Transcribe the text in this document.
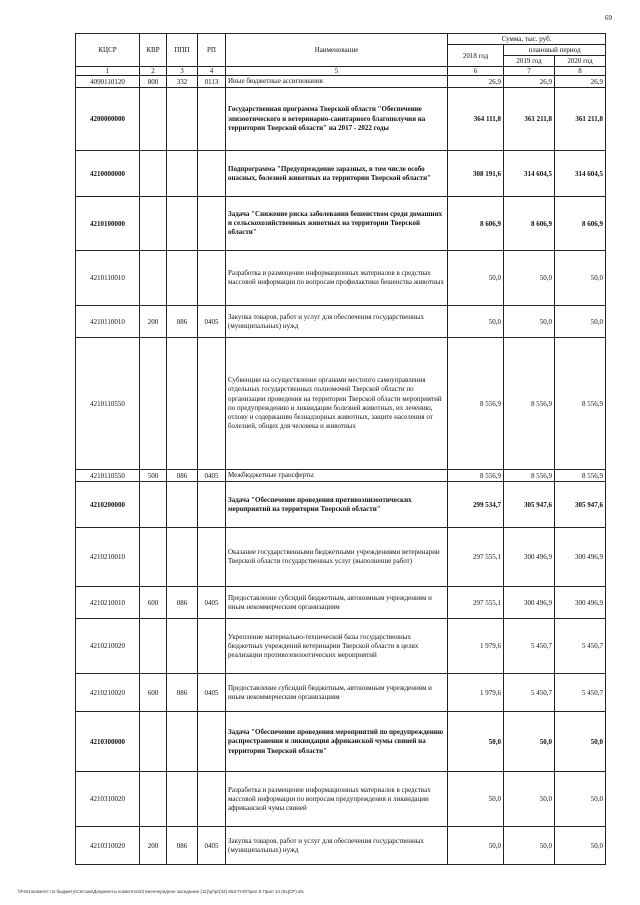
69
КЦСР	КВР	ППП	РП	Наименование	Сумма, тыс. руб.		
					2018 год	плановый период	
						2019 год	2020 год
1	2	3	4	5	6	7	8
4090110120	800	332	0113	Иные бюджетные ассигнования	26,9	26,9	26,9
4200000000				Государственная программа Тверской области "Обеспечение эпизоотического и ветеринарно-санитарного благополучия на территории Тверской области" на 2017 - 2022 годы	364 111,8	361 211,8	361 211,8
4210000000				Подпрограмма "Предупреждение заразных, в том числе особо опасных, болезней животных на территории Тверской области"	308 191,6	314 604,5	314 604,5
4210100000				Задача "Снижение риска заболевания бешенством среди домашних и сельскохозяйственных животных на территории Тверской области"	8 606,9	8 606,9	8 606,9
4210110010				Разработка и размещение информационных материалов в средствах массовой информации по вопросам профилактики бешенства животных	50,0	50,0	50,0
4210110010	200	086	0405	Закупка товаров, работ и услуг для обеспечения государственных (муниципальных) нужд	50,0	50,0	50,0
4210110550				Субвенции на осуществление органами местного самоуправления отдельных государственных полномочий Тверской области по организации проведения на территории Тверской области мероприятий по предупреждению и ликвидации болезней животных, их лечению, отлову и содержанию безнадзорных животных, защите населения от болезней, общих для человека и животных	8 556,9	8 556,9	8 556,9
4210110550	500	086	0405	Межбюджетные трансферты	8 556,9	8 556,9	8 556,9
4210200000				Задача "Обеспечение проведения противоэпизоотических мероприятий на территории Тверской области"	299 534,7	305 947,6	305 947,6
4210210010				Оказание государственными бюджетными учреждениями ветеринарии Тверской области государственных услуг (выполнение работ)	297 555,1	300 496,9	300 496,9
4210210010	600	086	0405	Предоставление субсидий бюджетным, автономным учреждениям и иным некоммерческим организациям	297 555,1	300 496,9	300 496,9
4210210020				Укрепление материально-технической базы государственных бюджетных учреждений ветеринарии Тверской области в целях реализации противоэпизоотических мероприятий	1 979,6	5 450,7	5 450,7
4210210020	600	086	0405	Предоставление субсидий бюджетным, автономным учреждениям и иным некоммерческим организациям	1 979,6	5 450,7	5 450,7
4210300000				Задача "Обеспечение проведения мероприятий по предупреждению распространения и ликвидация африканской чумы свиней на территории Тверской области"	50,0	50,0	50,0
4210310020				Разработка и размещение информационных материалов в средствах массовой информации по вопросам предупреждения и ликвидации африканской чумы свиней	50,0	50,0	50,0
4210310020	200	086	0405	Закупка товаров, работ и услуг для обеспечения государственных (муниципальных) нужд	50,0	50,0	50,0
\\Fs01\комитет по бюджету\Сессии\Документы комитета\33 внеочередное заседание (11)\pr\pr(33) 653-П-6\Прил 8 Прил 14 (КЦСР).xls
